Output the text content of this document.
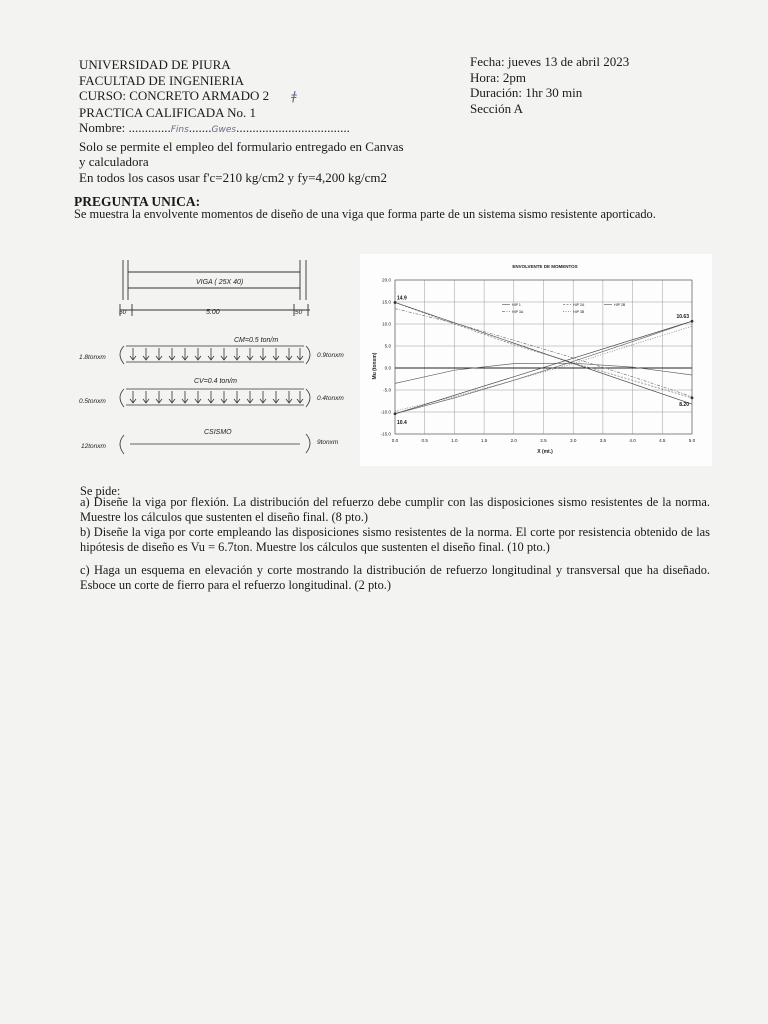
UNIVERSIDAD DE PIURA
FACULTAD DE INGENIERIA
CURSO: CONCRETO ARMADO 2 ǂ
PRACTICA CALIFICADA No. 1
Nombre: .............Fins.......Gwes...................................
Solo se permite el empleo del formulario entregado en Canvas
y calculadora
En todos los casos usar f'c=210 kg/cm2 y fy=4,200 kg/cm2
Fecha: jueves 13 de abril 2023
Hora: 2pm
Duración: 1hr 30 min
Sección A
PREGUNTA UNICA:
Se muestra la envolvente momentos de diseño de una viga que forma parte de un sistema sismo resistente aporticado.
VIGA ( 25X 40)
50	5.00	50
CM=0.5 ton/m
1.8tonxm	0.9tonxm
CV=0.4 ton/m
0.5tonxm	0.4tonxm
CSISMO
12tonxm
9tonxm
ENVOLVENTE DE MOMENTOS
0.0	0.5	1.0	1.5	2.0	2.5	3.0	3.5	4.0	4.5	5.0
20.0
15.0
10.0
5.0
0.0
-5.0
-10.0
-15.0
HIP 1
HIP 3A
HIP 2A
HIP 3B
HIP 2B
14.9
10.63
10.4
8.20
X (mt.)
Mu (tonxm)
Se pide:
a) Diseñe la viga por flexión. La distribución del refuerzo debe cumplir con las disposiciones sismo resistentes de la norma. Muestre los cálculos que sustenten el diseño final. (8 pto.)
b) Diseñe la viga por corte empleando las disposiciones sismo resistentes de la norma. El corte por resistencia obtenido de las hipótesis de diseño es Vu = 6.7ton. Muestre los cálculos que sustenten el diseño final. (10 pto.)
c) Haga un esquema en elevación y corte mostrando la distribución de refuerzo longitudinal y transversal que ha diseñado. Esboce un corte de fierro para el refuerzo longitudinal. (2 pto.)
